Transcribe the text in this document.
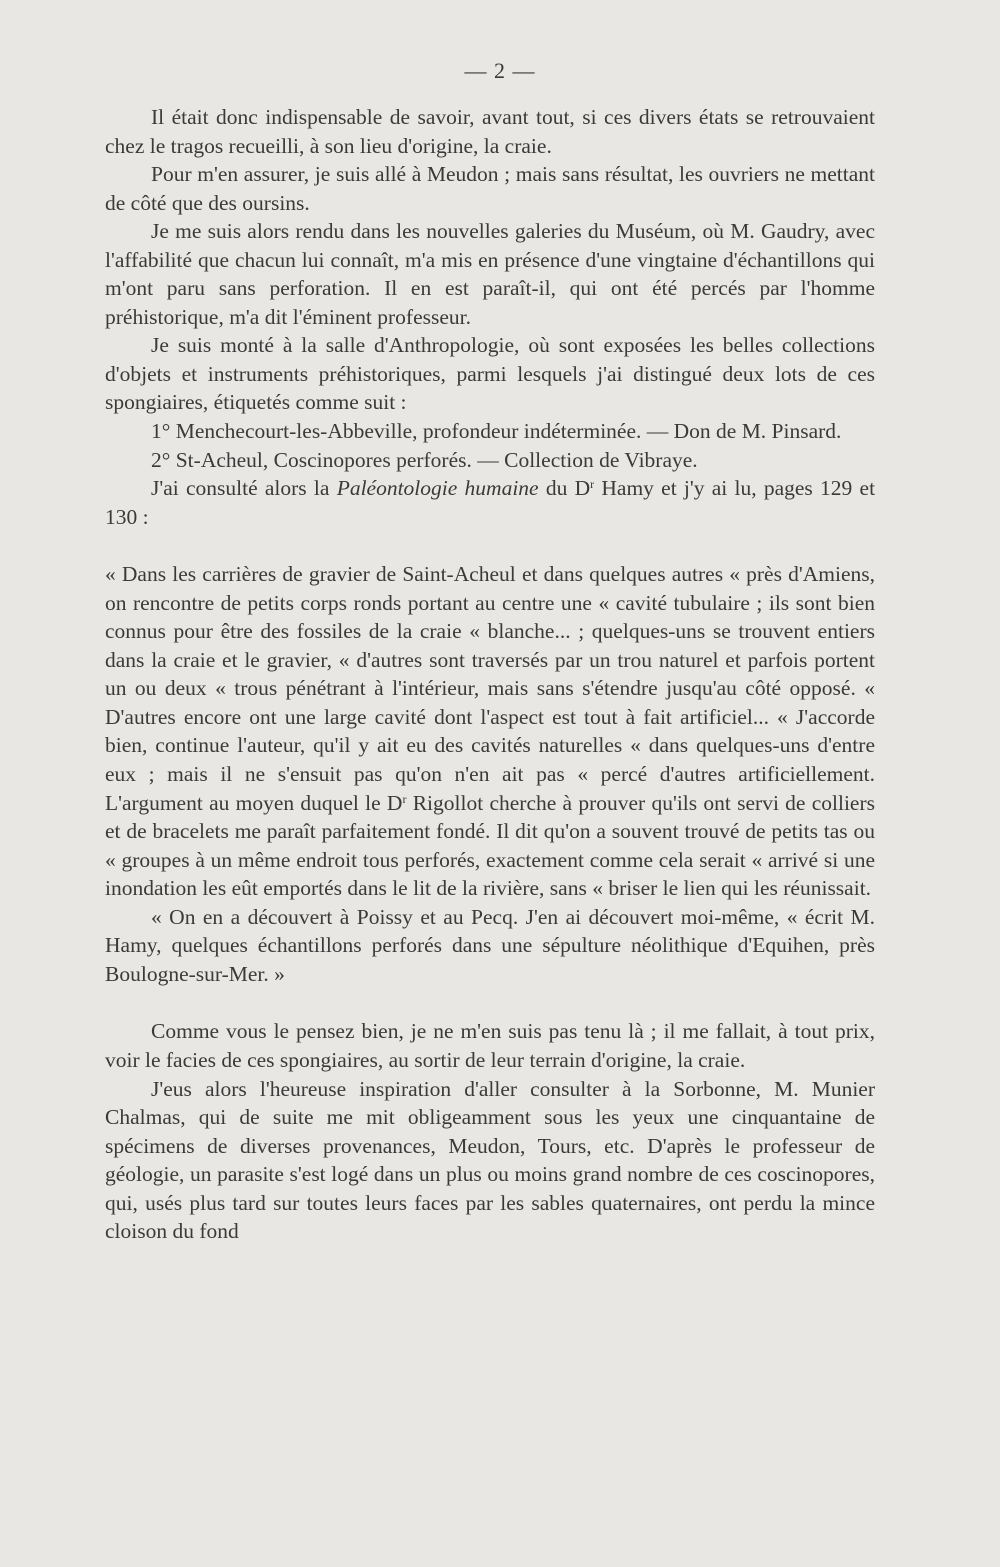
— 2 —

Il était donc indispensable de savoir, avant tout, si ces divers états se retrouvaient chez le tragos recueilli, à son lieu d'origine, la craie.

Pour m'en assurer, je suis allé à Meudon ; mais sans résultat, les ouvriers ne mettant de côté que des oursins.

Je me suis alors rendu dans les nouvelles galeries du Muséum, où M. Gaudry, avec l'affabilité que chacun lui connaît, m'a mis en présence d'une vingtaine d'échantillons qui m'ont paru sans perforation. Il en est paraît-il, qui ont été percés par l'homme préhistorique, m'a dit l'éminent professeur.

Je suis monté à la salle d'Anthropologie, où sont exposées les belles collections d'objets et instruments préhistoriques, parmi lesquels j'ai distingué deux lots de ces spongiaires, étiquetés comme suit :

1° Menchecourt-les-Abbeville, profondeur indéterminée. — Don de M. Pinsard.

2° St-Acheul, Coscinopores perforés. — Collection de Vibraye.

J'ai consulté alors la Paléontologie humaine du $D^r$ Hamy et j'y ai lu, pages 129 et 130 :

« Dans les carrières de gravier de Saint-Acheul et dans quelques autres « près d'Amiens, on rencontre de petits corps ronds portant au centre une « cavité tubulaire ; ils sont bien connus pour être des fossiles de la craie « blanche... ; quelques-uns se trouvent entiers dans la craie et le gravier, « d'autres sont traversés par un trou naturel et parfois portent un ou deux « trous pénétrant à l'intérieur, mais sans s'étendre jusqu'au côté opposé. « D'autres encore ont une large cavité dont l'aspect est tout à fait artificiel... « J'accorde bien, continue l'auteur, qu'il y ait eu des cavités naturelles « dans quelques-uns d'entre eux ; mais il ne s'ensuit pas qu'on n'en ait pas « percé d'autres artificiellement. L'argument au moyen duquel le $D^r$ Rigollot cherche à prouver qu'ils ont servi de colliers et de bracelets me paraît parfaitement fondé. Il dit qu'on a souvent trouvé de petits tas ou « groupes à un même endroit tous perforés, exactement comme cela serait « arrivé si une inondation les eût emportés dans le lit de la rivière, sans « briser le lien qui les réunissait.

« On en a découvert à Poissy et au Pecq. J'en ai découvert moi-même, « écrit M. Hamy, quelques échantillons perforés dans une sépulture néolithique d'Equihen, près Boulogne-sur-Mer. »

Comme vous le pensez bien, je ne m'en suis pas tenu là ; il me fallait, à tout prix, voir le facies de ces spongiaires, au sortir de leur terrain d'origine, la craie.

J'eus alors l'heureuse inspiration d'aller consulter à la Sorbonne, M. Munier Chalmas, qui de suite me mit obligeamment sous les yeux une cinquantaine de spécimens de diverses provenances, Meudon, Tours, etc. D'après le professeur de géologie, un parasite s'est logé dans un plus ou moins grand nombre de ces coscinopores, qui, usés plus tard sur toutes leurs faces par les sables quaternaires, ont perdu la mince cloison du fond
